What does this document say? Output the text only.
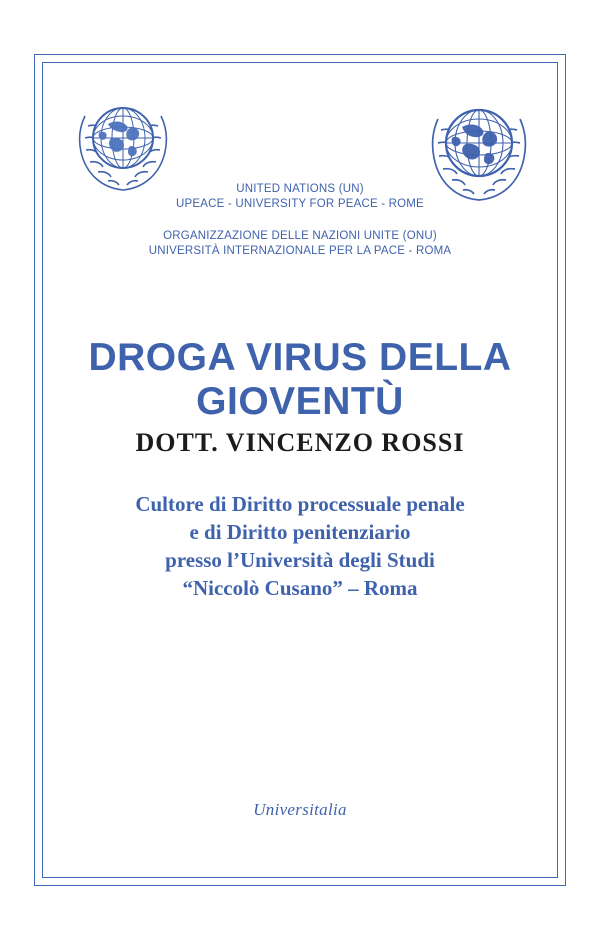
UNITED NATIONS (UN)
UPEACE - UNIVERSITY FOR PEACE - ROME
ORGANIZZAZIONE DELLE NAZIONI UNITE (ONU)
UNIVERSITÀ INTERNAZIONALE PER LA PACE - ROMA
DROGA VIRUS DELLA GIOVENTÙ
DOTT. VINCENZO ROSSI
Cultore di Diritto processuale penale
e di Diritto penitenziario
presso l’Università degli Studi
“Niccolò Cusano” – Roma
Universitalia
